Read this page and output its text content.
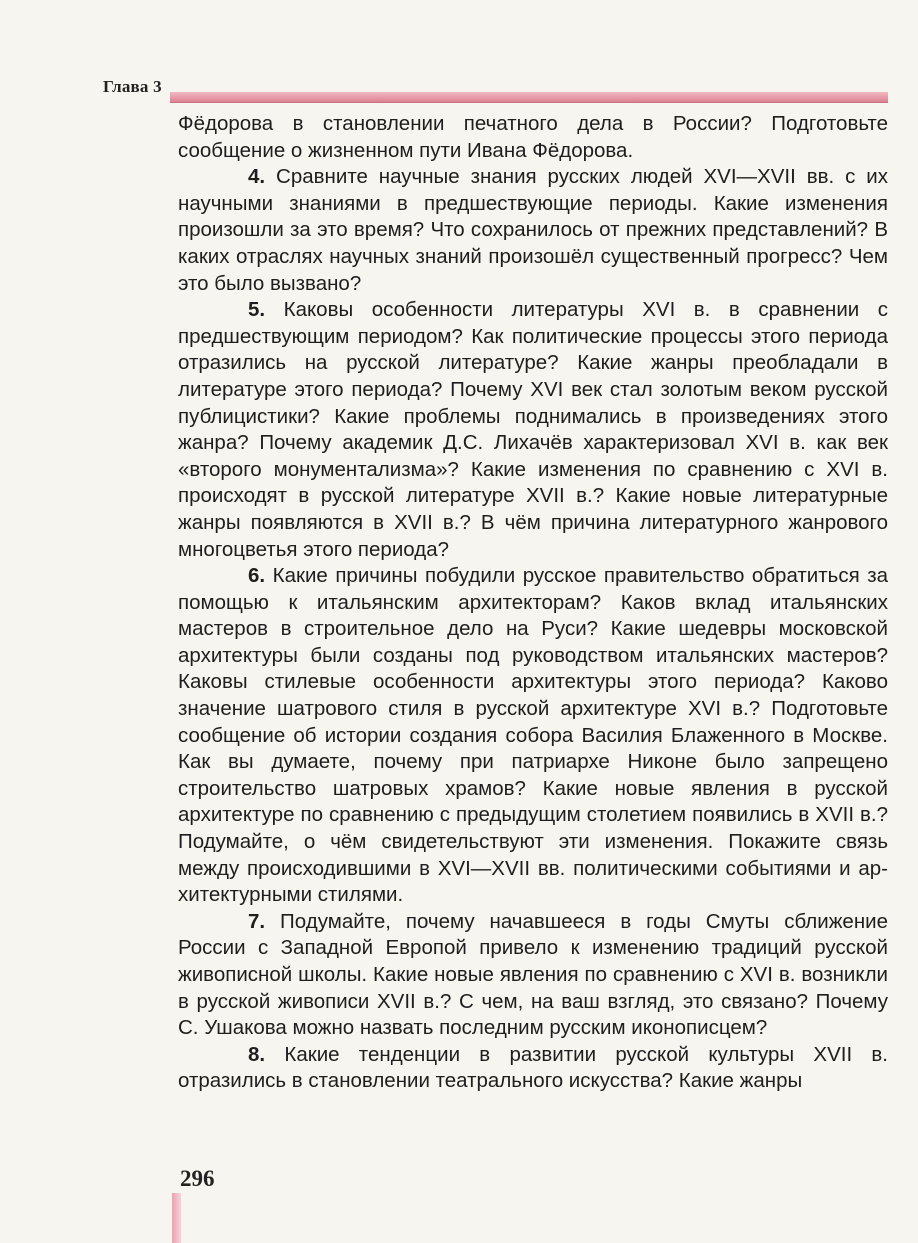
Глава 3

Фёдорова в становлении печатного дела в России? Подготовьте сообщение о жизненном пути Ивана Фёдорова.

4. Сравните научные знания русских людей XVI—XVII вв. с их научными знаниями в предшествующие периоды. Какие изменения произошли за это время? Что сохранилось от прежних представлений? В каких отраслях научных знаний произошёл существенный прогресс? Чем это было вызвано?

5. Каковы особенности литературы XVI в. в сравнении с предшествующим периодом? Как политические процессы этого периода отразились на русской литературе? Какие жанры преобладали в литературе этого периода? Почему XVI век стал золотым веком русской публицистики? Какие проблемы поднимались в произведениях этого жанра? Почему академик Д.С. Лихачёв характеризовал XVI в. как век «второго монументализма»? Какие изменения по сравнению с XVI в. происходят в русской литературе XVII в.? Какие новые литературные жанры появляются в XVII в.? В чём причина литературного жанрового многоцветья этого периода?

6. Какие причины побудили русское правительство обратиться за помощью к итальянским архитекторам? Каков вклад итальянских мастеров в строительное дело на Руси? Какие шедевры московской архитектуры были созданы под руководством итальянских мастеров? Каковы стилевые особенности архитектуры этого периода? Каково значение шатрового стиля в русской архитектуре XVI в.? Подготовьте сообщение об истории создания собора Василия Блаженного в Москве. Как вы думаете, почему при патриархе Никоне было запрещено строительство шатровых храмов? Какие новые явления в русской архитектуре по сравнению с предыдущим столетием появились в XVII в.? Подумайте, о чём свидетельствуют эти изменения. Покажите связь между происходившими в XVI—XVII вв. политическими событиями и архитектурными стилями.

7. Подумайте, почему начавшееся в годы Смуты сближение России с Западной Европой привело к изменению традиций русской живописной школы. Какие новые явления по сравнению с XVI в. возникли в русской живописи XVII в.? С чем, на ваш взгляд, это связано? Почему С. Ушакова можно назвать последним русским иконописцем?

8. Какие тенденции в развитии русской культуры XVII в. отразились в становлении театрального искусства? Какие жанры

296
